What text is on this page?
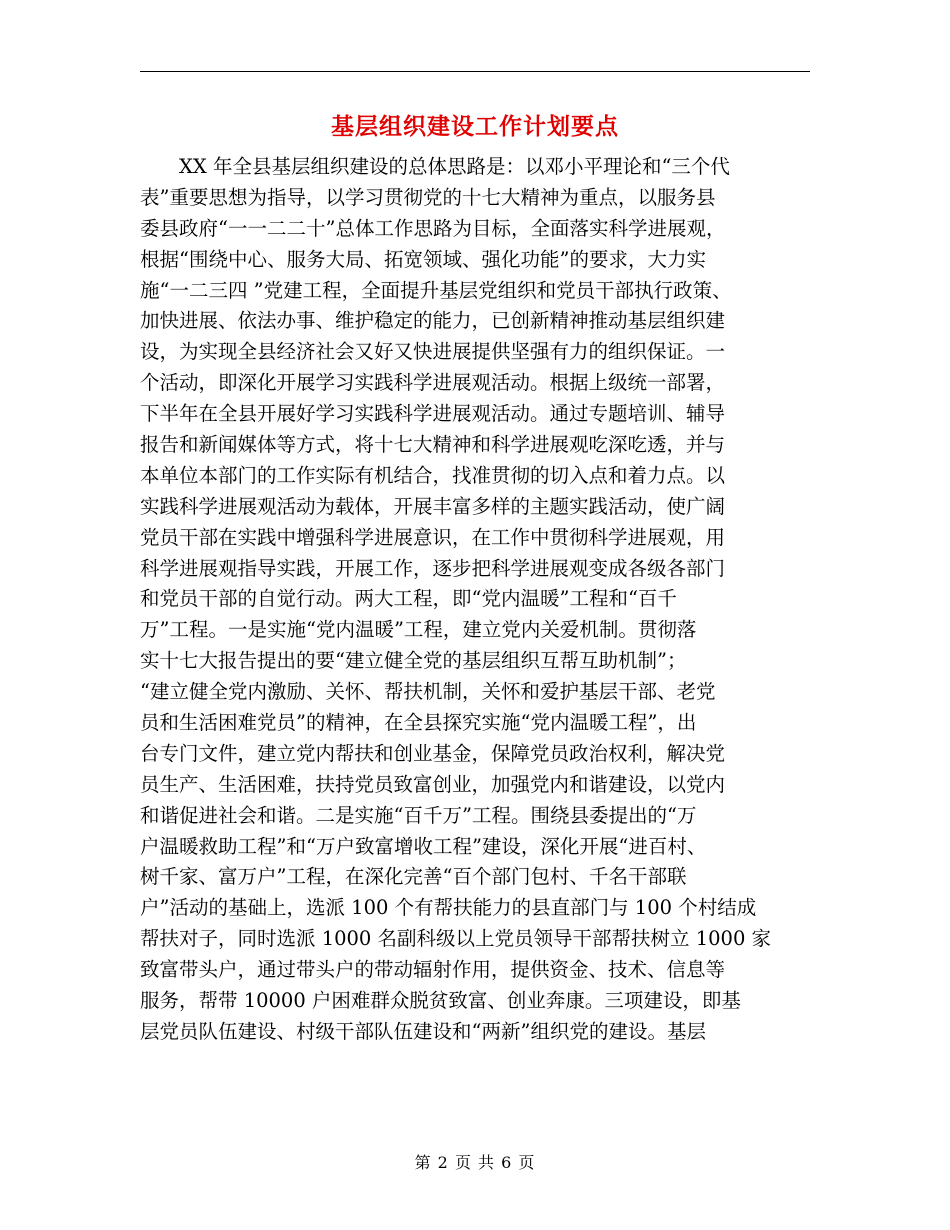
基层组织建设工作计划要点
XX 年全县基层组织建设的总体思路是：以邓小平理论和“三个代
表”重要思想为指导，以学习贯彻党的十七大精神为重点，以服务县
委县政府“一一二二十”总体工作思路为目标，全面落实科学进展观，
根据“围绕中心、服务大局、拓宽领域、强化功能”的要求，大力实
施“一二三四 ”党建工程，全面提升基层党组织和党员干部执行政策、
加快进展、依法办事、维护稳定的能力，已创新精神推动基层组织建
设，为实现全县经济社会又好又快进展提供坚强有力的组织保证。一
个活动，即深化开展学习实践科学进展观活动。根据上级统一部署，
下半年在全县开展好学习实践科学进展观活动。通过专题培训、辅导
报告和新闻媒体等方式，将十七大精神和科学进展观吃深吃透，并与
本单位本部门的工作实际有机结合，找准贯彻的切入点和着力点。以
实践科学进展观活动为载体，开展丰富多样的主题实践活动，使广阔
党员干部在实践中增强科学进展意识，在工作中贯彻科学进展观，用
科学进展观指导实践，开展工作，逐步把科学进展观变成各级各部门
和党员干部的自觉行动。两大工程，即“党内温暖”工程和“百千
万”工程。一是实施“党内温暖”工程，建立党内关爱机制。贯彻落
实十七大报告提出的要“建立健全党的基层组织互帮互助机制”；
“建立健全党内激励、关怀、帮扶机制，关怀和爱护基层干部、老党
员和生活困难党员”的精神，在全县探究实施“党内温暖工程”，出
台专门文件，建立党内帮扶和创业基金，保障党员政治权利，解决党
员生产、生活困难，扶持党员致富创业，加强党内和谐建设，以党内
和谐促进社会和谐。二是实施“百千万”工程。围绕县委提出的“万
户温暖救助工程”和“万户致富增收工程”建设，深化开展“进百村、
树千家、富万户”工程，在深化完善“百个部门包村、千名干部联
户”活动的基础上，选派 100 个有帮扶能力的县直部门与 100 个村结成
帮扶对子，同时选派 1000 名副科级以上党员领导干部帮扶树立 1000 家
致富带头户，通过带头户的带动辐射作用，提供资金、技术、信息等
服务，帮带 10000 户困难群众脱贫致富、创业奔康。三项建设，即基
层党员队伍建设、村级干部队伍建设和“两新”组织党的建设。基层
第 2 页 共 6 页
